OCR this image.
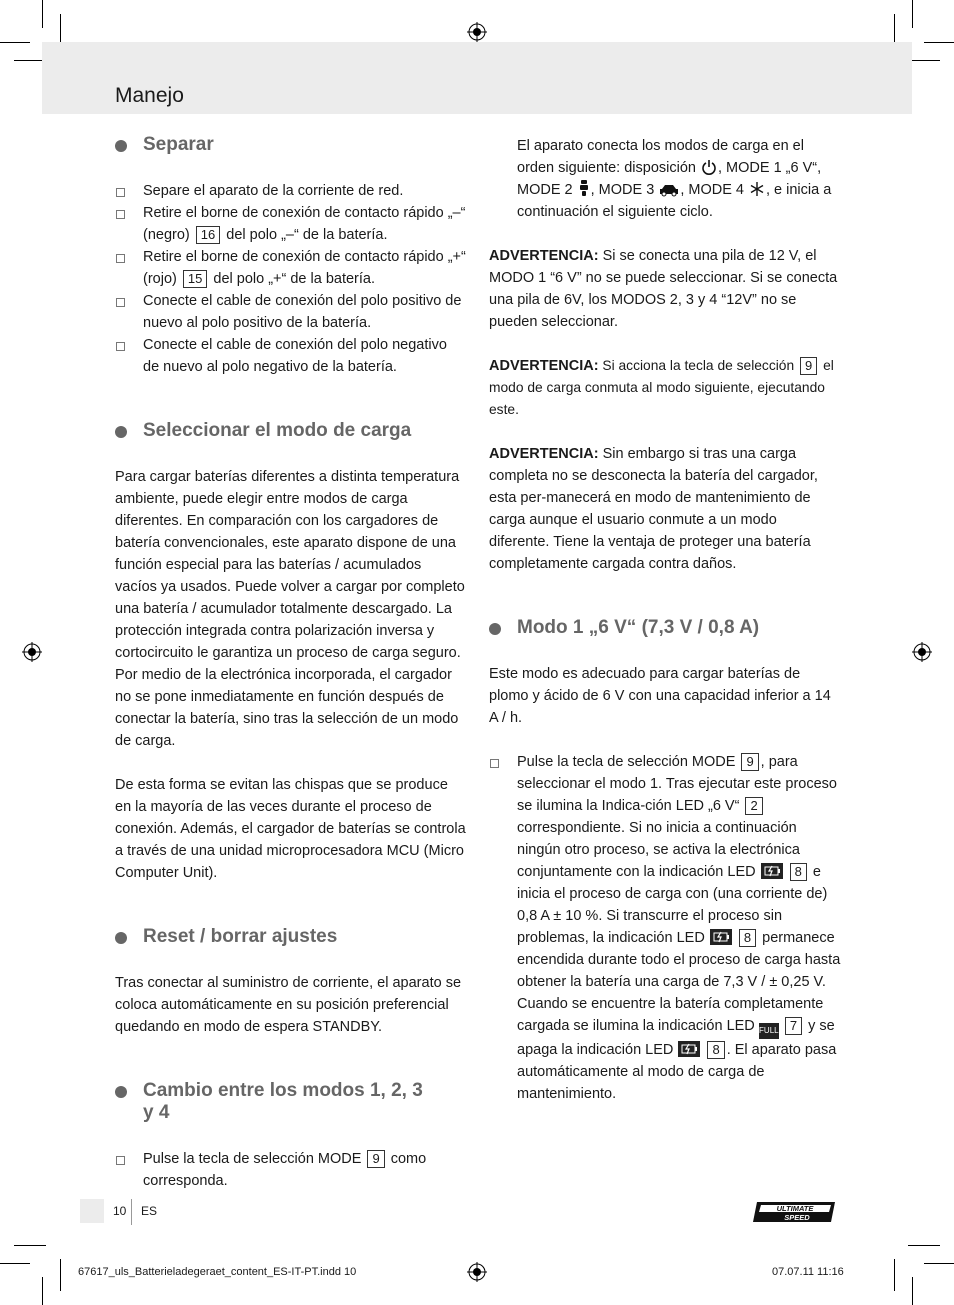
Manejo
Separar
Separe el aparato de la corriente de red.
Retire el borne de conexión de contacto rápido „–“ (negro) 16 del polo „–“ de la batería.
Retire el borne de conexión de contacto rápido „+“ (rojo) 15 del polo „+“ de la batería.
Conecte el cable de conexión del polo positivo de nuevo al polo positivo de la batería.
Conecte el cable de conexión del polo negativo de nuevo al polo negativo de la batería.
Seleccionar el modo de carga

Para cargar baterías diferentes a distinta temperatura ambiente, puede elegir entre modos de carga diferentes. En comparación con los cargadores de batería convencionales, este aparato dispone de una función especial para las baterías / acumulados vacíos ya usados. Puede volver a cargar por completo una batería / acumulador totalmente descargado. La protección integrada contra polarización inversa y cortocircuito le garantiza un proceso de carga seguro. Por medio de la electrónica incorporada, el cargador no se pone inmediatamente en función después de conectar la batería, sino tras la selección de un modo de carga.

De esta forma se evitan las chispas que se produce en la mayoría de las veces durante el proceso de conexión. Además, el cargador de baterías se controla a través de una unidad microprocesadora MCU (Micro Computer Unit).

Reset / borrar ajustes

Tras conectar al suministro de corriente, el aparato se coloca automáticamente en su posición preferencial quedando en modo de espera STANDBY.

Cambio entre los modos 1, 2, 3 y 4
Pulse la tecla de selección MODE 9 como corresponda.

El aparato conecta los modos de carga en el orden siguiente: disposición , MODE 1 „6 V“, MODE 2 , MODE 3 , MODE 4 , e inicia a continuación el siguiente ciclo.

ADVERTENCIA: Si se conecta una pila de 12 V, el MODO 1 “6 V” no se puede seleccionar. Si se conecta una pila de 6V, los MODOS 2, 3 y 4 “12V” no se pueden seleccionar.

ADVERTENCIA: Si acciona la tecla de selección 9 el modo de carga conmuta al modo siguiente, ejecutando este.

ADVERTENCIA: Sin embargo si tras una carga completa no se desconecta la batería del cargador, esta per-manecerá en modo de mantenimiento de carga aunque el usuario conmute a un modo diferente. Tiene la ventaja de proteger una batería completamente cargada contra daños.

Modo 1 „6 V“ (7,3 V / 0,8 A)

Este modo es adecuado para cargar baterías de plomo y ácido de 6 V con una capacidad inferior a 14 A / h.

Pulse la tecla de selección MODE 9 , para seleccionar el modo 1. Tras ejecutar este proceso se ilumina la Indica-ción LED „6 V“ 2 correspondiente. Si no inicia a continuación ningún otro proceso, se activa la electrónica conjuntamente con la indicación LED	8 e inicia el proceso de carga con (una corriente de) 0,8 A ± 10 %. Si transcurre el proceso sin problemas, la indicación LED	8 permanece encendida durante todo el proceso de carga hasta obtener la batería una carga de 7,3 V / ± 0,25 V. Cuando se encuentre la batería completamente cargada se ilumina la indicación LED FULL 7 y se apaga la indicación LED	8 . El aparato pasa automáticamente al modo de carga de mantenimiento.
10 ES	ULTIMATE
SPEED
67617_uls_Batterieladegeraet_content_ES-IT-PT.indd 10	07.07.11 11:16
